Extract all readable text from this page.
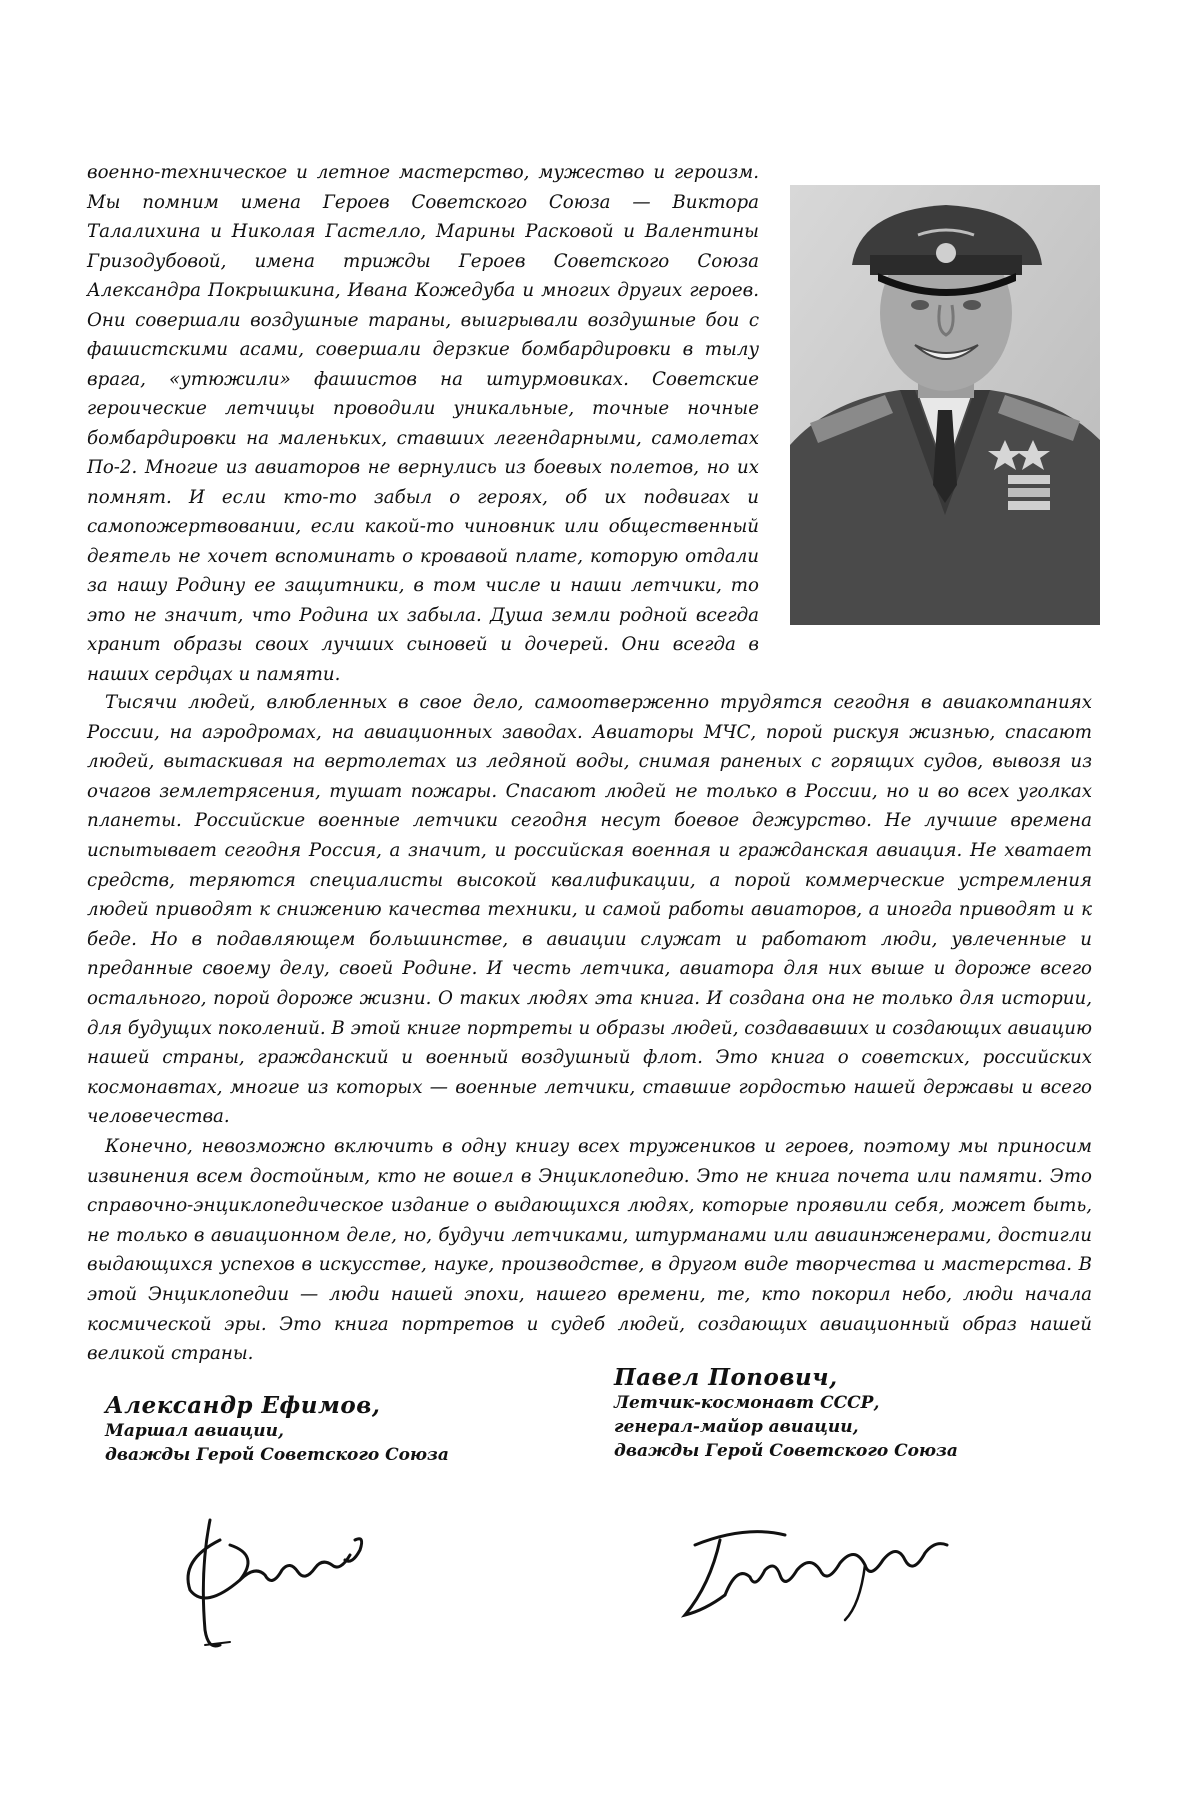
военно-техническое и летное мастерство, мужество и героизм. Мы помним имена Героев Советского Союза — Виктора Талалихина и Николая Гастелло, Марины Расковой и Валентины Гризодубовой, имена трижды Героев Советского Союза Александра Покрышкина, Ивана Кожедуба и многих других героев. Они совершали воздушные тараны, выигрывали воздушные бои с фашистскими асами, совершали дерзкие бомбардировки в тылу врага, «утюжили» фашистов на штурмовиках. Советские героические летчицы проводили уникальные, точные ночные бомбардировки на маленьких, ставших легендарными, самолетах По-2. Многие из авиаторов не вернулись из боевых полетов, но их помнят. И если кто-то забыл о героях, об их подвигах и самопожертвовании, если какой-то чиновник или общественный деятель не хочет вспоминать о кровавой плате, которую отдали за нашу Родину ее защитники, в том числе и наши летчики, то это не значит, что Родина их забыла. Душа земли родной всегда хранит образы своих лучших сыновей и дочерей. Они всегда в наших сердцах и памяти.
Тысячи людей, влюбленных в свое дело, самоотверженно трудятся сегодня в авиакомпаниях России, на аэродромах, на авиационных заводах. Авиаторы МЧС, порой рискуя жизнью, спасают людей, вытаскивая на вертолетах из ледяной воды, снимая раненых с горящих судов, вывозя из очагов землетрясения, тушат пожары. Спасают людей не только в России, но и во всех уголках планеты. Российские военные летчики сегодня несут боевое дежурство. Не лучшие времена испытывает сегодня Россия, а значит, и российская военная и гражданская авиация. Не хватает средств, теряются специалисты высокой квалификации, а порой коммерческие устремления людей приводят к снижению качества техники, и самой работы авиаторов, а иногда приводят и к беде. Но в подавляющем большинстве, в авиации служат и работают люди, увлеченные и преданные своему делу, своей Родине. И честь летчика, авиатора для них выше и дороже всего остального, порой дороже жизни. О таких людях эта книга. И создана она не только для истории, для будущих поколений. В этой книге портреты и образы людей, создававших и создающих авиацию нашей страны, гражданский и военный воздушный флот. Это книга о советских, российских космонавтах, многие из которых — военные летчики, ставшие гордостью нашей державы и всего человечества.
Конечно, невозможно включить в одну книгу всех тружеников и героев, поэтому мы приносим извинения всем достойным, кто не вошел в Энциклопедию. Это не книга почета или памяти. Это справочно-энциклопедическое издание о выдающихся людях, которые проявили себя, может быть, не только в авиационном деле, но, будучи летчиками, штурманами или авиаинженерами, достигли выдающихся успехов в искусстве, науке, производстве, в другом виде творчества и мастерства. В этой Энциклопедии — люди нашей эпохи, нашего времени, те, кто покорил небо, люди начала космической эры. Это книга портретов и судеб людей, создающих авиационный образ нашей великой страны.
Александр Ефимов,
Маршал авиации,
дважды Герой Советского Союза
Павел Попович,
Летчик-космонавт СССР,
генерал-майор авиации,
дважды Герой Советского Союза
